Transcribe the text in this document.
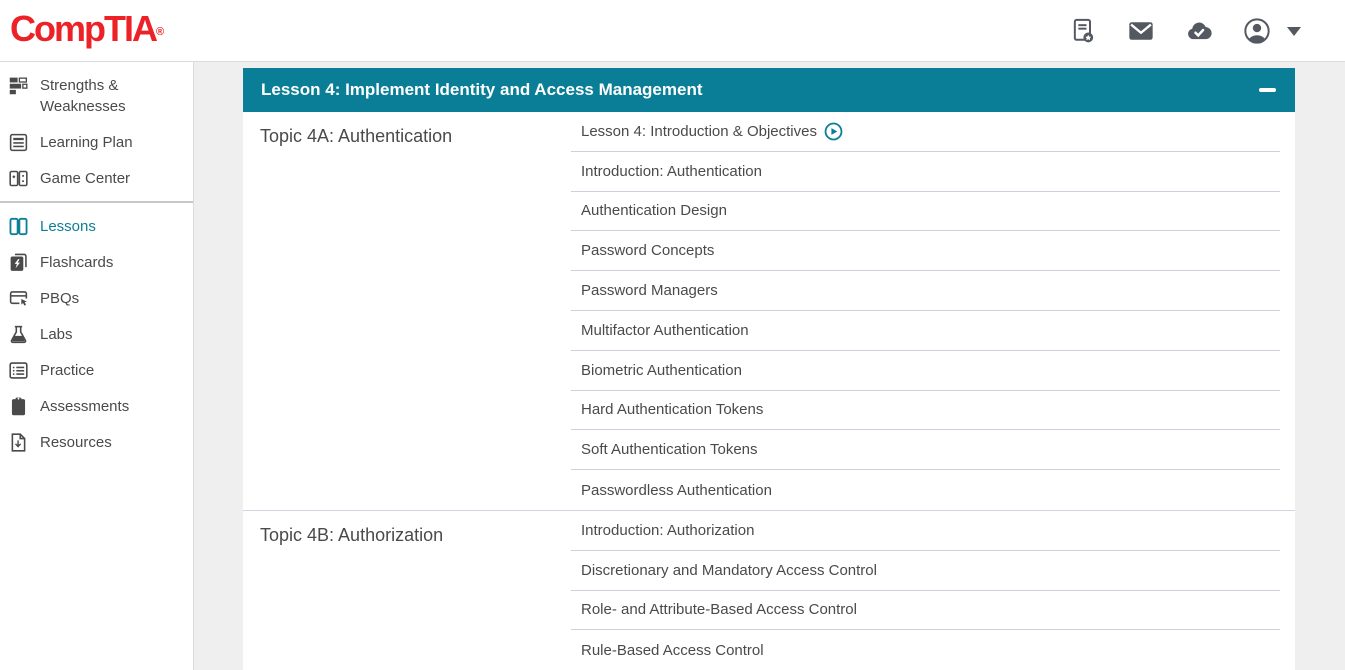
CompTIA®
Strengths & Weaknesses
Learning Plan
Game Center
Lessons
Flashcards
PBQs
Labs
Practice
Assessments
Resources
Lesson 4: Implement Identity and Access Management
Topic 4A: Authentication	Lesson 4: Introduction & Objectives
Introduction: Authentication
Authentication Design
Password Concepts
Password Managers
Multifactor Authentication
Biometric Authentication
Hard Authentication Tokens
Soft Authentication Tokens
Passwordless Authentication
Topic 4B: Authorization	Introduction: Authorization
Discretionary and Mandatory Access Control
Role- and Attribute-Based Access Control
Rule-Based Access Control
